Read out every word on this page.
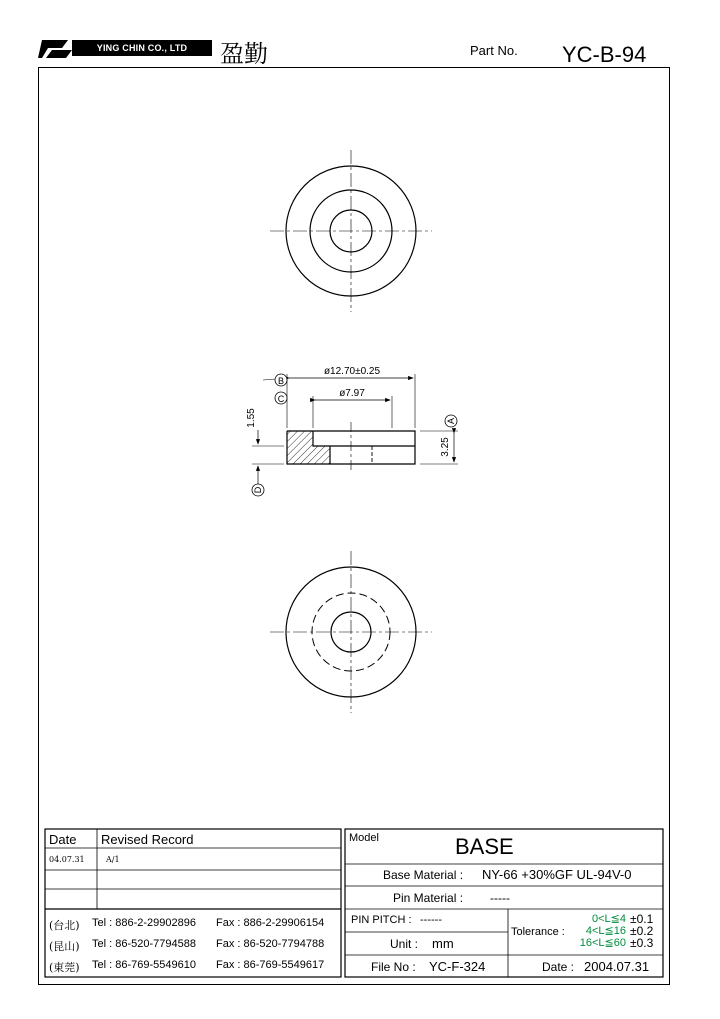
YING CHIN CO., LTD	盈勤	Part No. YC-B-94
ø12.70±0.25
ø7.97
1.55
3.25
B
C
A
D
Date Revised Record
04.07.31	A/1
(台北) Tel : 886-2-29902896 Fax : 886-2-29906154
(昆山) Tel : 86-520-7794588 Fax : 86-520-7794788
(東莞) Tel : 86-769-5549610 Fax : 86-769-5549617
Model	BASE
Base Material : NY-66 +30%GF UL-94V-0
Pin Material : -----
PIN PITCH : ------
Unit : mm
File No : YC-F-324
Tolerance :
0<L≦4 ±0.1
4<L≦16 ±0.2
16<L≦60 ±0.3
Date : 2004.07.31
